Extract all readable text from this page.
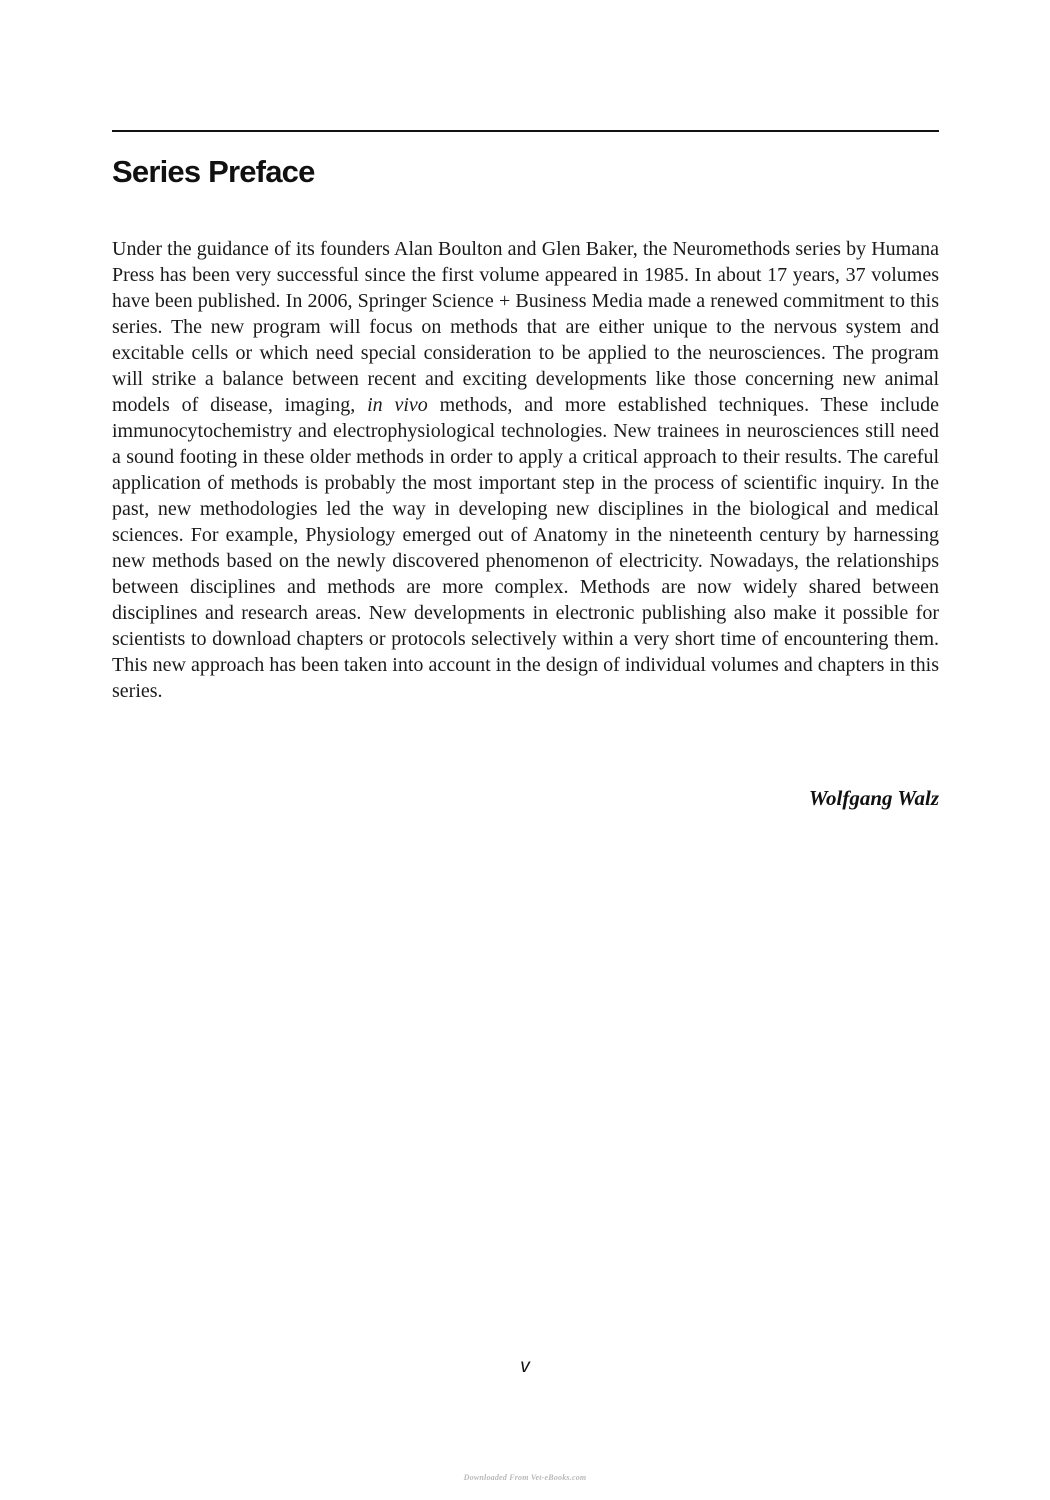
Series Preface

Under the guidance of its founders Alan Boulton and Glen Baker, the Neuromethods series by Humana Press has been very successful since the first volume appeared in 1985. In about 17 years, 37 volumes have been published. In 2006, Springer Science + Business Media made a renewed commitment to this series. The new program will focus on methods that are either unique to the nervous system and excitable cells or which need special consideration to be applied to the neurosciences. The program will strike a balance between recent and exciting developments like those concerning new animal models of disease, imaging, in vivo methods, and more established techniques. These include immunocytochemistry and electrophysiological technologies. New trainees in neurosciences still need a sound footing in these older methods in order to apply a critical approach to their results. The careful application of methods is probably the most important step in the process of scientific inquiry. In the past, new methodologies led the way in developing new disciplines in the biological and medical sciences. For example, Physiology emerged out of Anatomy in the nineteenth century by harnessing new methods based on the newly discovered phenomenon of electricity. Nowadays, the relationships between disciplines and methods are more complex. Methods are now widely shared between disciplines and research areas. New developments in electronic publishing also make it possible for scientists to download chapters or protocols selectively within a very short time of encountering them. This new approach has been taken into account in the design of individual volumes and chapters in this series.

Wolfgang Walz

v
Downloaded From Vet-eBooks.com
